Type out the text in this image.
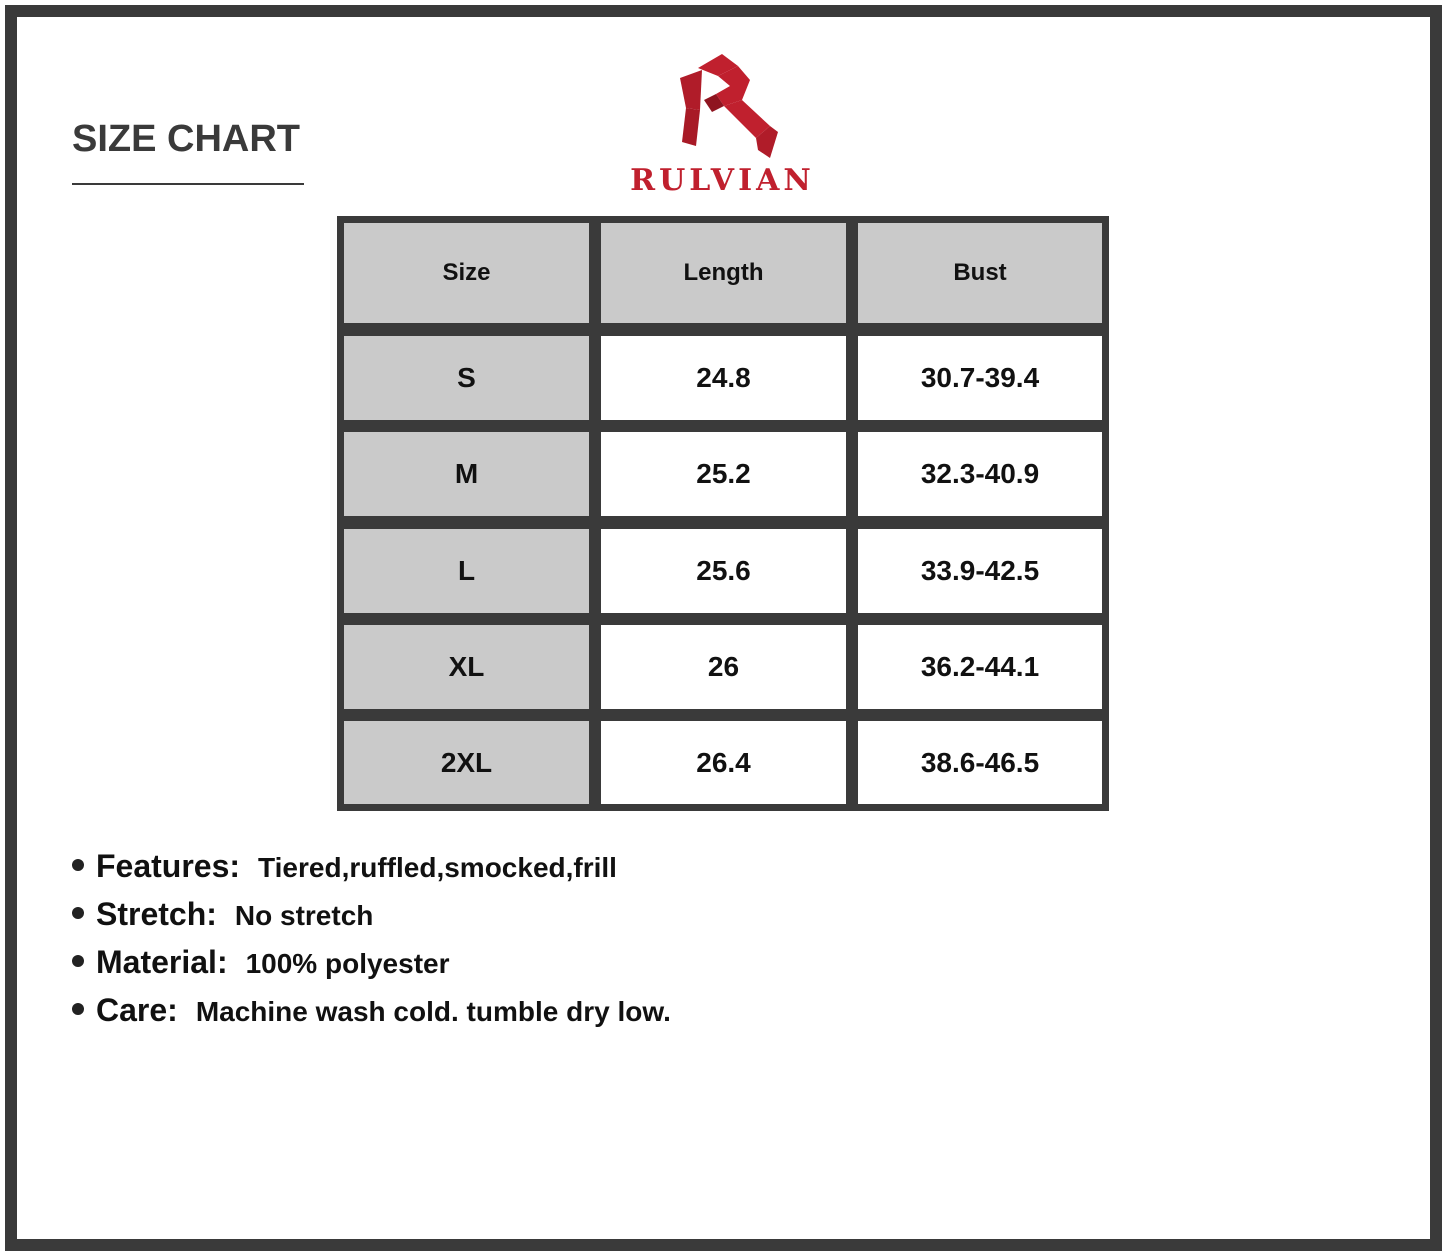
SIZE CHART
RULVIAN
Size	Length	Bust
S	24.8	30.7-39.4
M	25.2	32.3-40.9
L	25.6	33.9-42.5
XL	26	36.2-44.1
2XL	26.4	38.6-46.5
Features: Tiered,ruffled,smocked,frill
Stretch: No stretch
Material: 100% polyester
Care: Machine wash cold. tumble dry low.
